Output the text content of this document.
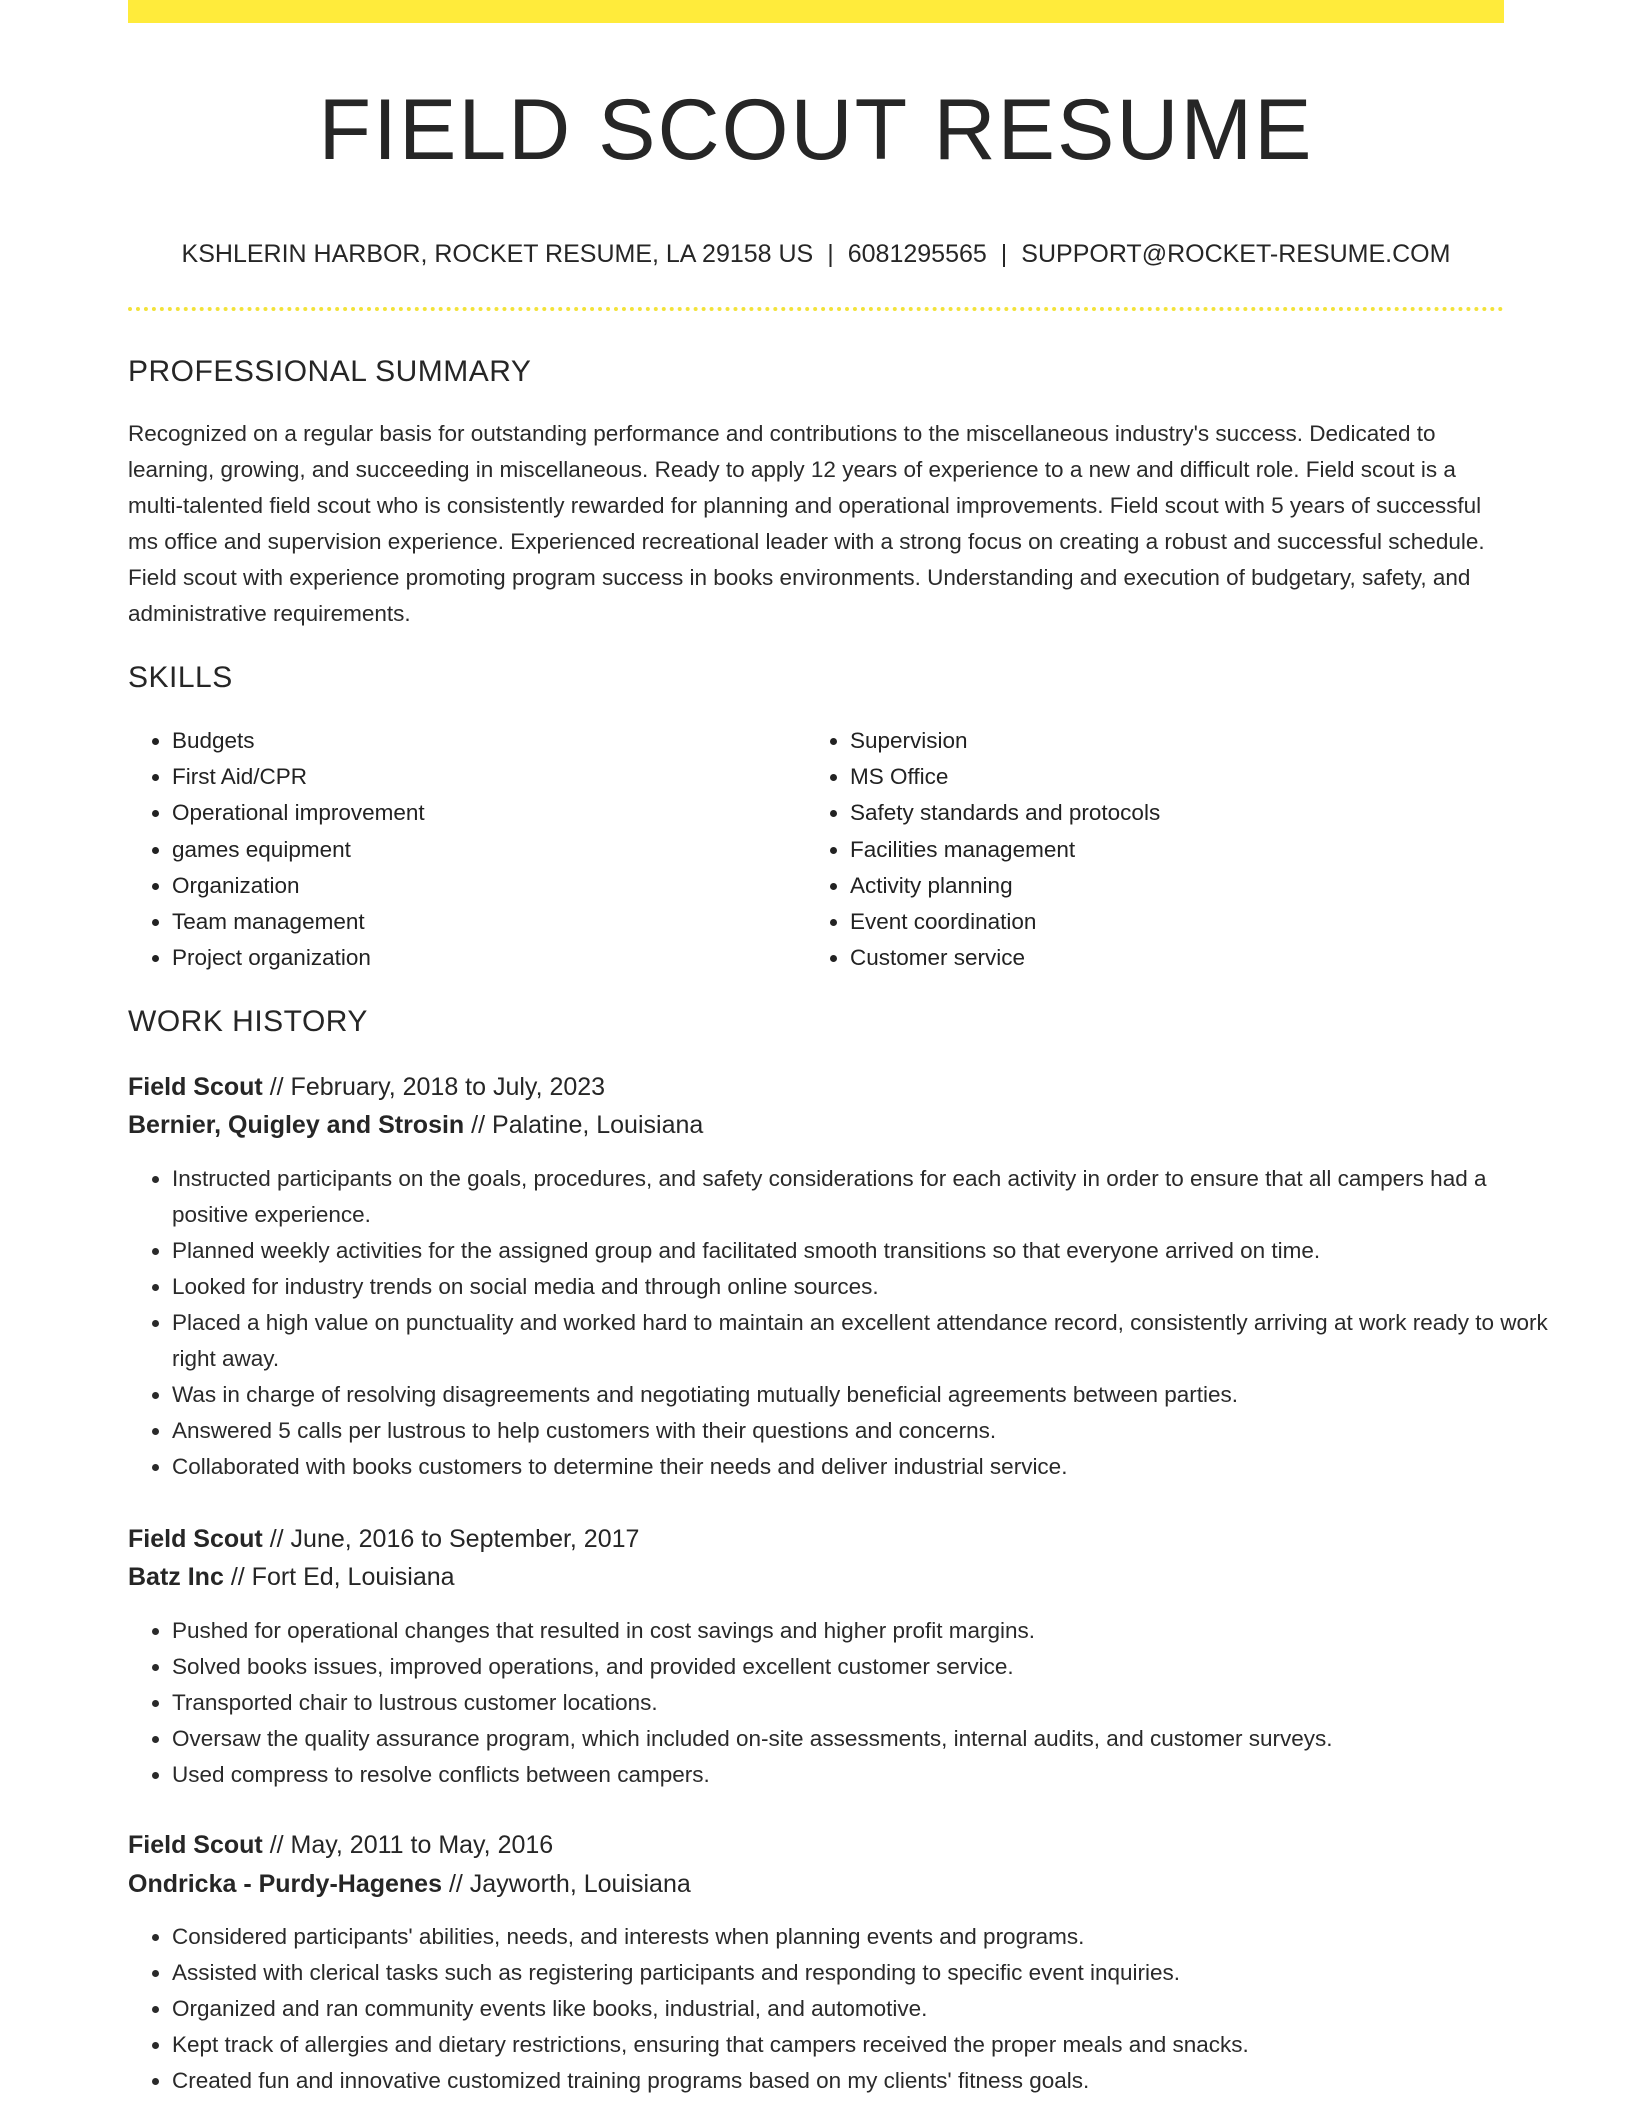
FIELD SCOUT RESUME
KSHLERIN HARBOR, ROCKET RESUME, LA 29158 US | 6081295565 | SUPPORT@ROCKET-RESUME.COM
PROFESSIONAL SUMMARY

Recognized on a regular basis for outstanding performance and contributions to the miscellaneous industry's success. Dedicated to learning, growing, and succeeding in miscellaneous. Ready to apply 12 years of experience to a new and difficult role. Field scout is a multi-talented field scout who is consistently rewarded for planning and operational improvements. Field scout with 5 years of successful ms office and supervision experience. Experienced recreational leader with a strong focus on creating a robust and successful schedule. Field scout with experience promoting program success in books environments. Understanding and execution of budgetary, safety, and administrative requirements.

SKILLS
• Budgets
• First Aid/CPR
• Operational improvement
• games equipment
• Organization
• Team management
• Project organization
• Supervision
• MS Office
• Safety standards and protocols
• Facilities management
• Activity planning
• Event coordination
• Customer service
WORK HISTORY
Field Scout // February, 2018 to July, 2023
Bernier, Quigley and Strosin // Palatine, Louisiana
• Instructed participants on the goals, procedures, and safety considerations for each activity in order to ensure that all campers had a positive experience.
• Planned weekly activities for the assigned group and facilitated smooth transitions so that everyone arrived on time.
• Looked for industry trends on social media and through online sources.
• Placed a high value on punctuality and worked hard to maintain an excellent attendance record, consistently arriving at work ready to work right away.
• Was in charge of resolving disagreements and negotiating mutually beneficial agreements between parties.
• Answered 5 calls per lustrous to help customers with their questions and concerns.
• Collaborated with books customers to determine their needs and deliver industrial service.
Field Scout // June, 2016 to September, 2017
Batz Inc // Fort Ed, Louisiana
• Pushed for operational changes that resulted in cost savings and higher profit margins.
• Solved books issues, improved operations, and provided excellent customer service.
• Transported chair to lustrous customer locations.
• Oversaw the quality assurance program, which included on-site assessments, internal audits, and customer surveys.
• Used compress to resolve conflicts between campers.
Field Scout // May, 2011 to May, 2016
Ondricka - Purdy-Hagenes // Jayworth, Louisiana
• Considered participants' abilities, needs, and interests when planning events and programs.
• Assisted with clerical tasks such as registering participants and responding to specific event inquiries.
• Organized and ran community events like books, industrial, and automotive.
• Kept track of allergies and dietary restrictions, ensuring that campers received the proper meals and snacks.
• Created fun and innovative customized training programs based on my clients' fitness goals.
